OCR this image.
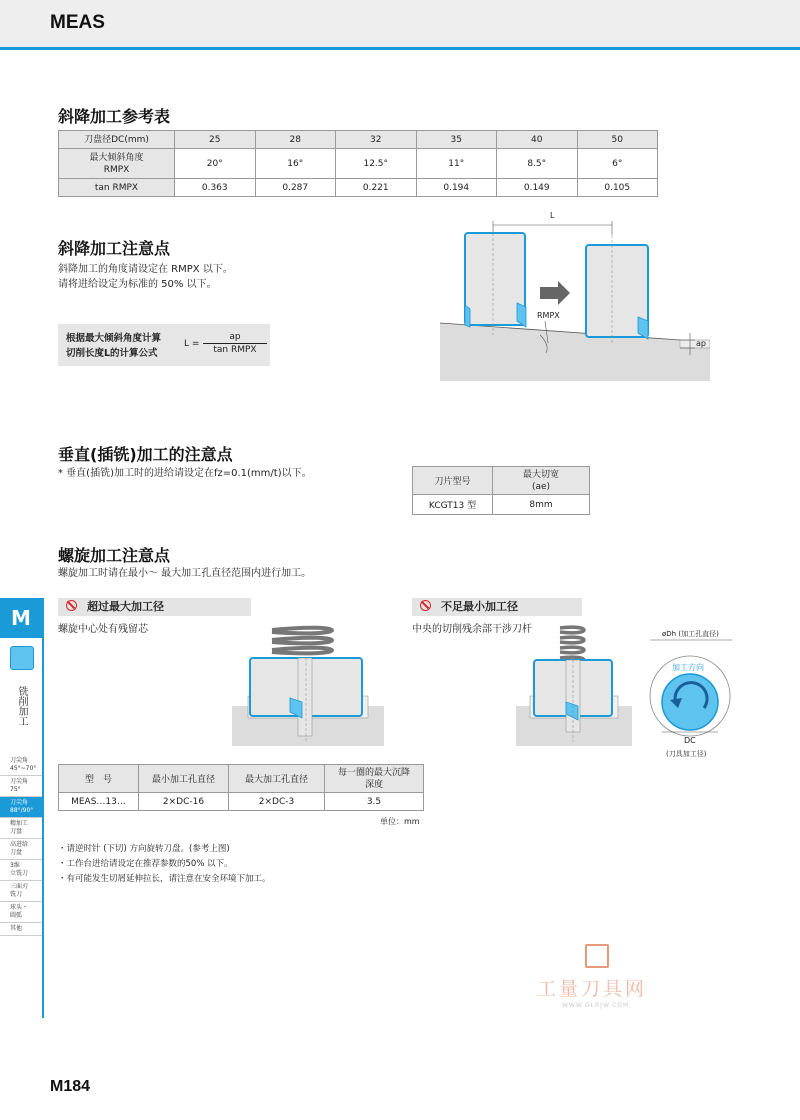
MEAS
斜降加工参考表
刀盘径DC(mm)	25	28	32	35	40	50
最大倾斜角度
RMPX	20°	16°	12.5°	11°	8.5°	6°
tan RMPX	0.363	0.287	0.221	0.194	0.149	0.105
斜降加工注意点
斜降加工的角度请设定在 RMPX 以下。
请将进给设定为标准的 50% 以下。
根据最大倾斜角度计算
切削长度L的计算公式
L =
ap
tan RMPX
L
RMPX
ap
垂直(插铣)加工的注意点
* 垂直(插铣)加工时的进给请设定在fz=0.1(mm/t)以下。
刀片型号	最大切宽
(ae)
KCGT13 型	8mm
螺旋加工注意点
螺旋加工时请在最小～ 最大加工孔直径范围内进行加工。
超过最大加工径
螺旋中心处有残留芯
不足最小加工径
中央的切削残余部干涉刀杆	øDh (加工孔直径)
加工方向
DC
(刀具加工径)
型　号	最小加工孔直径	最大加工孔直径	每一圈的最大沉降
深度
MEAS…13…	2×DC-16	2×DC-3	3.5
单位：mm
・请逆时针 (下切) 方向旋转刀盘。(参考上图)
・工作台进给请设定在推荐参数的50% 以下。
・有可能发生切屑延伸拉长，请注意在安全环境下加工。
M
铣削加工
刀尖角
45°~70°
刀尖角
75°
刀尖角
88°/90°
精加工
刀盘
高进给
刀盘
3维
立铣刀
三面刃
铣刀
球头・
圆弧
其他
工量刀具网
WWW.GLRJW.COM
M184
